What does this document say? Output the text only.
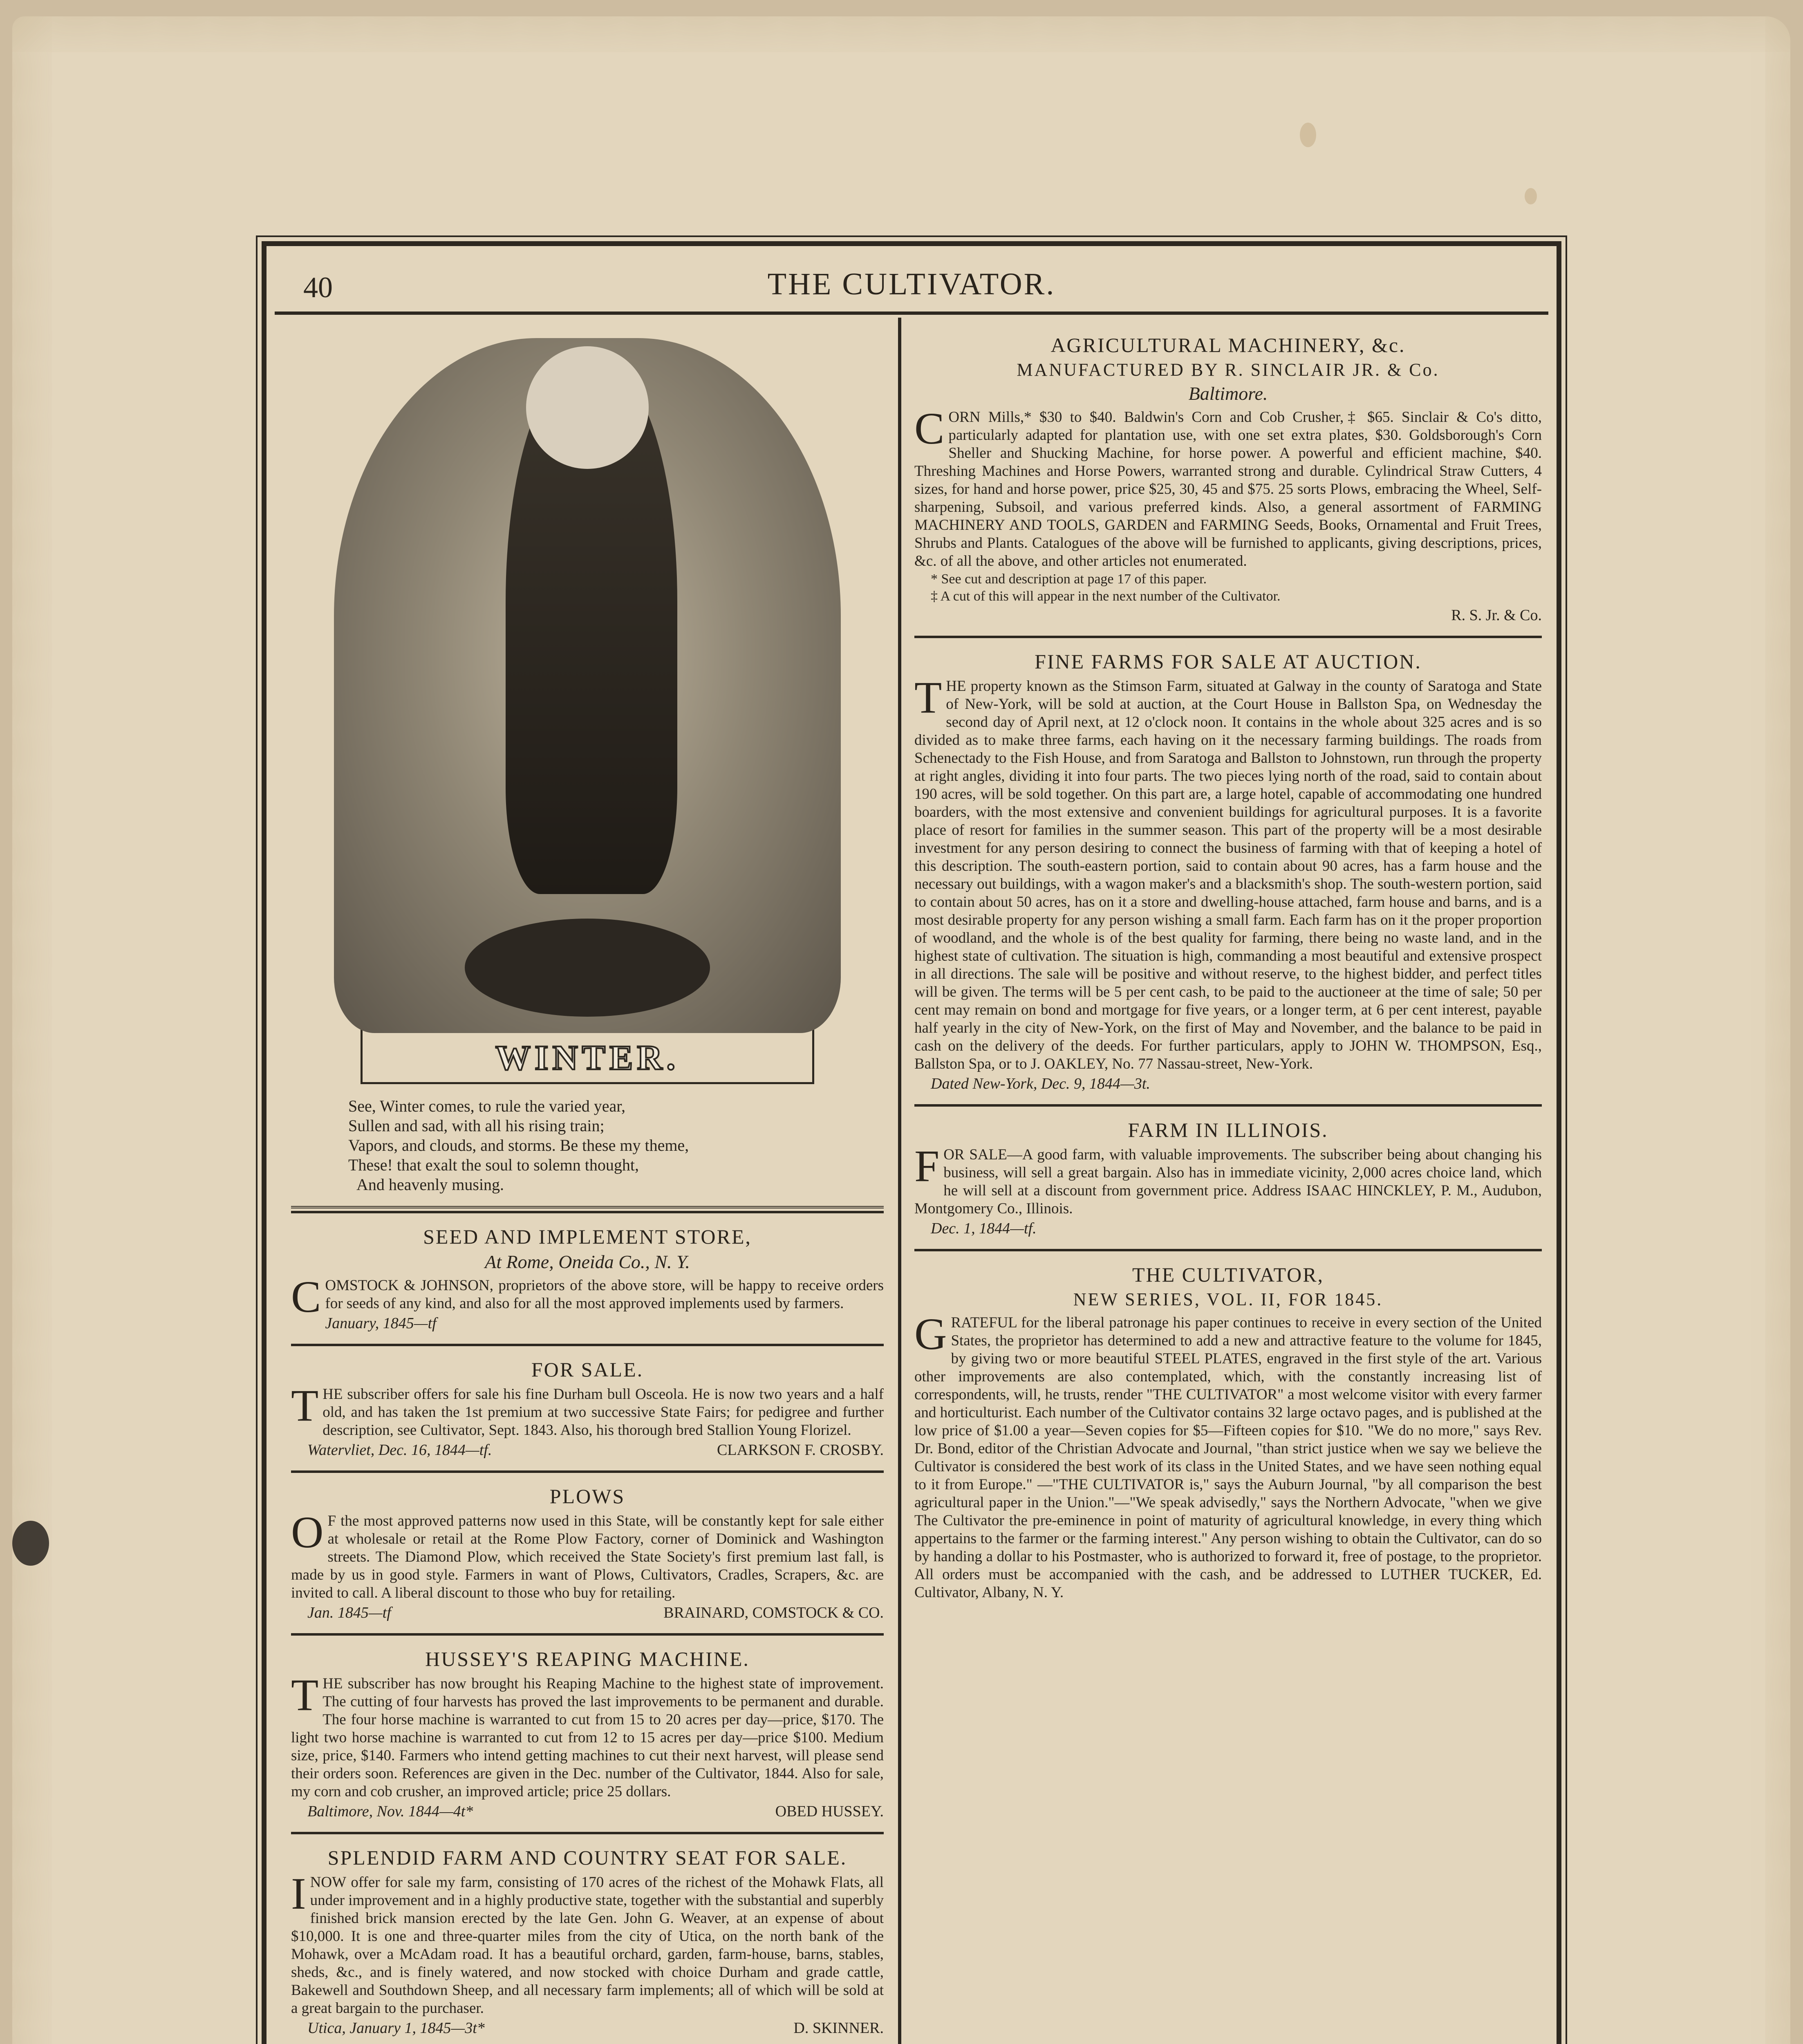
40	THE CULTIVATOR.
WINTER.
See, Winter comes, to rule the varied year,
Sullen and sad, with all his rising train;
Vapors, and clouds, and storms. Be these my theme,
These! that exalt the soul to solemn thought,
And heavenly musing.
SEED AND IMPLEMENT STORE,
At Rome, Oneida Co., N. Y.
COMSTOCK & JOHNSON, proprietors of the above store, will be happy to receive orders for seeds of any kind, and also for all the most approved implements used by farmers.
January, 1845—tf
FOR SALE.
THE subscriber offers for sale his fine Durham bull Osceola. He is now two years and a half old, and has taken the 1st premium at two successive State Fairs; for pedigree and further description, see Cultivator, Sept. 1843. Also, his thorough bred Stallion Young Florizel.
Watervliet, Dec. 16, 1844—tf.	CLARKSON F. CROSBY.
PLOWS
O F the most approved patterns now used in this State, will be constantly kept for sale either at wholesale or retail at the Rome Plow Factory, corner of Dominick and Washington streets. The Diamond Plow, which received the State Society's first premium last fall, is made by us in good style. Farmers in want of Plows, Cultivators, Cradles, Scrapers, &c. are invited to call. A liberal discount to those who buy for retailing.
Jan. 1845—tf	BRAINARD, COMSTOCK & CO.
HUSSEY'S REAPING MACHINE.
THE subscriber has now brought his Reaping Machine to the highest state of improvement. The cutting of four harvests has proved the last improvements to be permanent and durable. The four horse machine is warranted to cut from 15 to 20 acres per day—price, $170. The light two horse machine is warranted to cut from 12 to 15 acres per day—price $100. Medium size, price, $140. Farmers who intend getting machines to cut their next harvest, will please send their orders soon. References are given in the Dec. number of the Cultivator, 1844. Also for sale, my corn and cob crusher, an improved article; price 25 dollars.
Baltimore, Nov. 1844—4t*	OBED HUSSEY.
SPLENDID FARM AND COUNTRY SEAT FOR SALE.
INOW offer for sale my farm, consisting of 170 acres of the richest of the Mohawk Flats, all under improvement and in a highly productive state, together with the substantial and superbly finished brick mansion erected by the late Gen. John G. Weaver, at an expense of about $10,000. It is one and three-quarter miles from the city of Utica, on the north bank of the Mohawk, over a McAdam road. It has a beautiful orchard, garden, farm-house, barns, stables, sheds, &c., and is finely watered, and now stocked with choice Durham and grade cattle, Bakewell and Southdown Sheep, and all necessary farm implements; all of which will be sold at a great bargain to the purchaser.
Utica, January 1, 1845—3t*	D. SKINNER.
AGRICULTURAL MACHINERY, &c.
MANUFACTURED BY R. SINCLAIR JR. & Co.
Baltimore.
CORN Mills,* $30 to $40. Baldwin's Corn and Cob Crusher,‡ $65. Sinclair & Co's ditto, particularly adapted for plantation use, with one set extra plates, $30. Goldsborough's Corn Sheller and Shucking Machine, for horse power. A powerful and efficient machine, $40. Threshing Machines and Horse Powers, warranted strong and durable. Cylindrical Straw Cutters, 4 sizes, for hand and horse power, price $25, 30, 45 and $75. 25 sorts Plows, embracing the Wheel, Self-sharpening, Subsoil, and various preferred kinds. Also, a general assortment of FARMING MACHINERY AND TOOLS, GARDEN and FARMING Seeds, Books, Ornamental and Fruit Trees, Shrubs and Plants. Catalogues of the above will be furnished to applicants, giving descriptions, prices, &c. of all the above, and other articles not enumerated.
* See cut and description at page 17 of this paper.
‡ A cut of this will appear in the next number of the Cultivator.
R. S. Jr. & Co.
FINE FARMS FOR SALE AT AUCTION.
THE property known as the Stimson Farm, situated at Galway in the county of Saratoga and State of New-York, will be sold at auction, at the Court House in Ballston Spa, on Wednesday the second day of April next, at 12 o'clock noon. It contains in the whole about 325 acres and is so divided as to make three farms, each having on it the necessary farming buildings. The roads from Schenectady to the Fish House, and from Saratoga and Ballston to Johnstown, run through the property at right angles, dividing it into four parts. The two pieces lying north of the road, said to contain about 190 acres, will be sold together. On this part are, a large hotel, capable of accommodating one hundred boarders, with the most extensive and convenient buildings for agricultural purposes. It is a favorite place of resort for families in the summer season. This part of the property will be a most desirable investment for any person desiring to connect the business of farming with that of keeping a hotel of this description. The south-eastern portion, said to contain about 90 acres, has a farm house and the necessary out buildings, with a wagon maker's and a blacksmith's shop. The south-western portion, said to contain about 50 acres, has on it a store and dwelling-house attached, farm house and barns, and is a most desirable property for any person wishing a small farm. Each farm has on it the proper proportion of woodland, and the whole is of the best quality for farming, there being no waste land, and in the highest state of cultivation. The situation is high, commanding a most beautiful and extensive prospect in all directions. The sale will be positive and without reserve, to the highest bidder, and perfect titles will be given. The terms will be 5 per cent cash, to be paid to the auctioneer at the time of sale; 50 per cent may remain on bond and mortgage for five years, or a longer term, at 6 per cent interest, payable half yearly in the city of New-York, on the first of May and November, and the balance to be paid in cash on the delivery of the deeds. For further particulars, apply to JOHN W. THOMPSON, Esq., Ballston Spa, or to J. OAKLEY, No. 77 Nassau-street, New-York.
Dated New-York, Dec. 9, 1844—3t.
FARM IN ILLINOIS.
FOR SALE—A good farm, with valuable improvements. The subscriber being about changing his business, will sell a great bargain. Also has in immediate vicinity, 2,000 acres choice land, which he will sell at a discount from government price. Address ISAAC HINCKLEY, P. M., Audubon, Montgomery Co., Illinois.
Dec. 1, 1844—tf.
THE CULTIVATOR,
NEW SERIES, VOL. II, FOR 1845.
GRATEFUL for the liberal patronage his paper continues to receive in every section of the United States, the proprietor has determined to add a new and attractive feature to the volume for 1845, by giving two or more beautiful STEEL PLATES, engraved in the first style of the art. Various other improvements are also contemplated, which, with the constantly increasing list of correspondents, will, he trusts, render "THE CULTIVATOR" a most welcome visitor with every farmer and horticulturist. Each number of the Cultivator contains 32 large octavo pages, and is published at the low price of $1.00 a year—Seven copies for $5—Fifteen copies for $10. "We do no more," says Rev. Dr. Bond, editor of the Christian Advocate and Journal, "than strict justice when we say we believe the Cultivator is considered the best work of its class in the United States, and we have seen nothing equal to it from Europe." —"THE CULTIVATOR is," says the Auburn Journal, "by all comparison the best agricultural paper in the Union."—"We speak advisedly," says the Northern Advocate, "when we give The Cultivator the pre-eminence in point of maturity of agricultural knowledge, in every thing which appertains to the farmer or the farming interest." Any person wishing to obtain the Cultivator, can do so by handing a dollar to his Postmaster, who is authorized to forward it, free of postage, to the proprietor. All orders must be accompanied with the cash, and be addressed to LUTHER TUCKER, Ed. Cultivator, Albany, N. Y.
